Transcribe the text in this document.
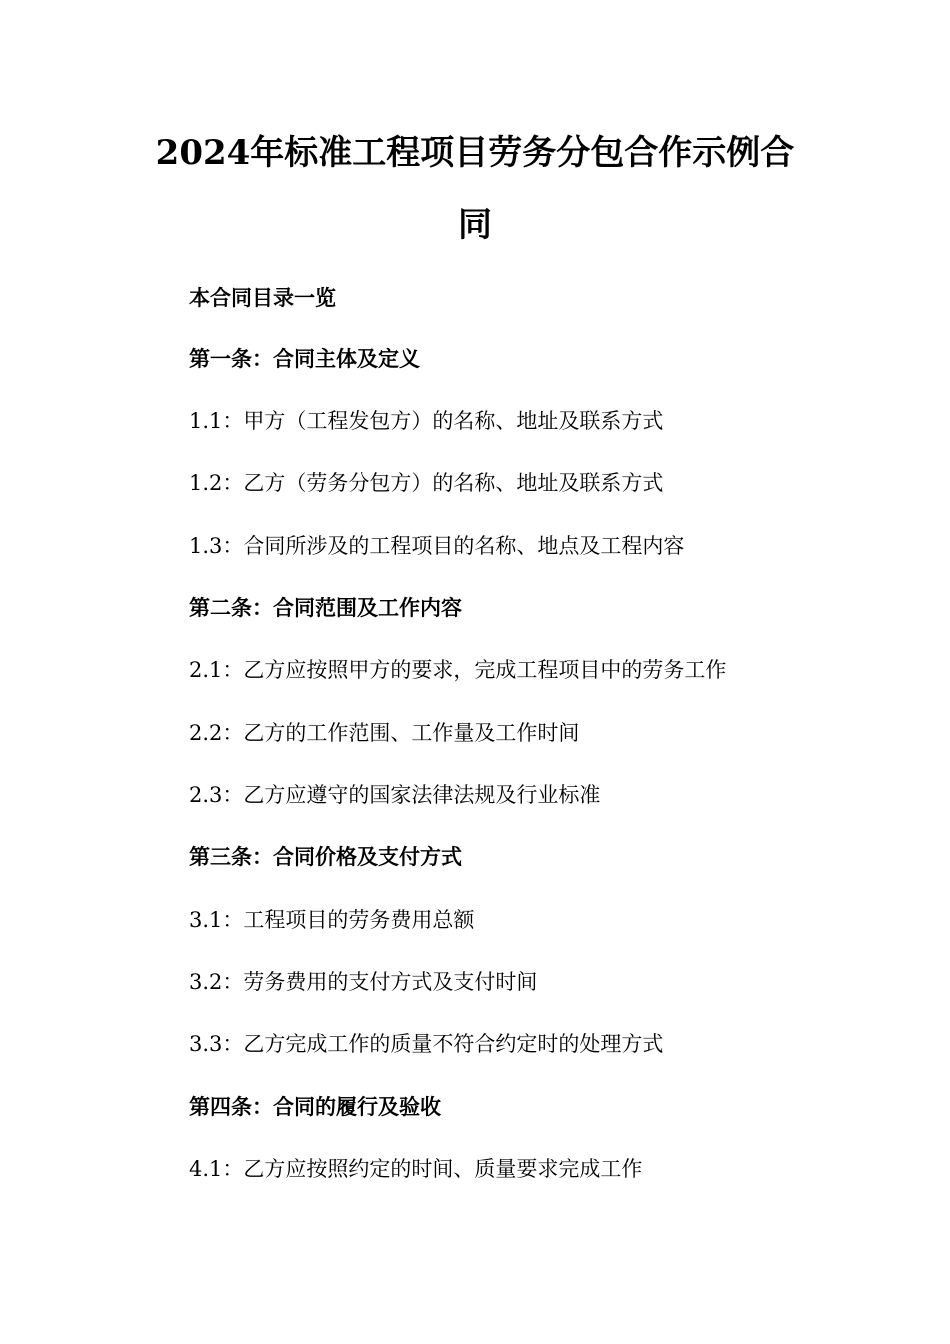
2024年标准工程项目劳务分包合作示例合
同

本合同目录一览

第一条：合同主体及定义

1.1：甲方（工程发包方）的名称、地址及联系方式

1.2：乙方（劳务分包方）的名称、地址及联系方式

1.3：合同所涉及的工程项目的名称、地点及工程内容

第二条：合同范围及工作内容

2.1：乙方应按照甲方的要求，完成工程项目中的劳务工作

2.2：乙方的工作范围、工作量及工作时间

2.3：乙方应遵守的国家法律法规及行业标准

第三条：合同价格及支付方式

3.1：工程项目的劳务费用总额

3.2：劳务费用的支付方式及支付时间

3.3：乙方完成工作的质量不符合约定时的处理方式

第四条：合同的履行及验收

4.1：乙方应按照约定的时间、质量要求完成工作
